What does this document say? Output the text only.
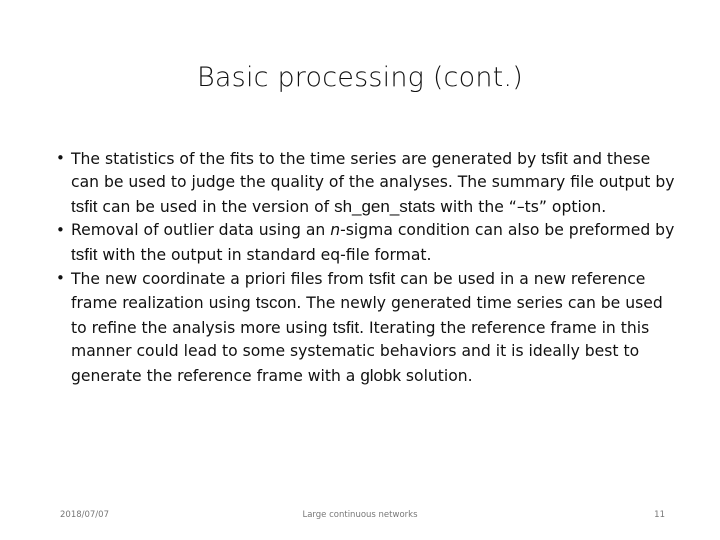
Basic processing (cont.)
• The statistics of the fits to the time series are generated by tsfit and these can be used to judge the quality of the analyses. The summary file output by tsfit can be used in the version of sh_gen_stats with the “–ts” option.
• Removal of outlier data using an n-sigma condition can also be preformed by tsfit with the output in standard eq-file format.
• The new coordinate a priori files from tsfit can be used in a new reference frame realization using tscon. The newly generated time series can be used to refine the analysis more using tsfit. Iterating the reference frame in this manner could lead to some systematic behaviors and it is ideally best to generate the reference frame with a globk solution.
2018/07/07	Large continuous networks	11
